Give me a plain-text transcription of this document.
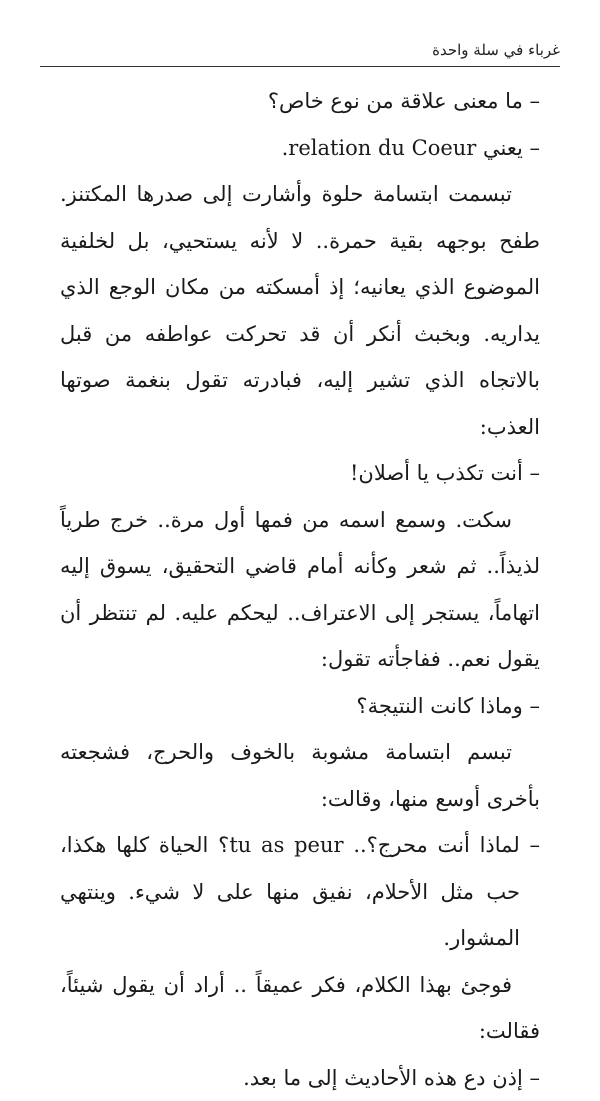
غرباء في سلة واحدة

– ما معنى علاقة من نوع خاص؟

– يعني relation du Coeur.

تبسمت ابتسامة حلوة وأشارت إلى صدرها المكتنز. طفح بوجهه بقية حمرة.. لا لأنه يستحيي، بل لخلفية الموضوع الذي يعانيه؛ إذ أمسكته من مكان الوجع الذي يداريه. وبخبث أنكر أن قد تحركت عواطفه من قبل بالاتجاه الذي تشير إليه، فبادرته تقول بنغمة صوتها العذب:

– أنت تكذب يا أصلان!

سكت. وسمع اسمه من فمها أول مرة.. خرج طرياً لذيذاً.. ثم شعر وكأنه أمام قاضي التحقيق، يسوق إليه اتهاماً، يستجر إلى الاعتراف.. ليحكم عليه. لم تنتظر أن يقول نعم.. ففاجأته تقول:

– وماذا كانت النتيجة؟

تبسم ابتسامة مشوبة بالخوف والحرج، فشجعته بأخرى أوسع منها، وقالت:

– لماذا أنت محرج؟.. tu as peur؟ الحياة كلها هكذا، حب مثل الأحلام، نفيق منها على لا شيء. وينتهي المشوار.

فوجئ بهذا الكلام، فكر عميقاً .. أراد أن يقول شيئاً، فقالت:

– إذن دع هذه الأحاديث إلى ما بعد.
